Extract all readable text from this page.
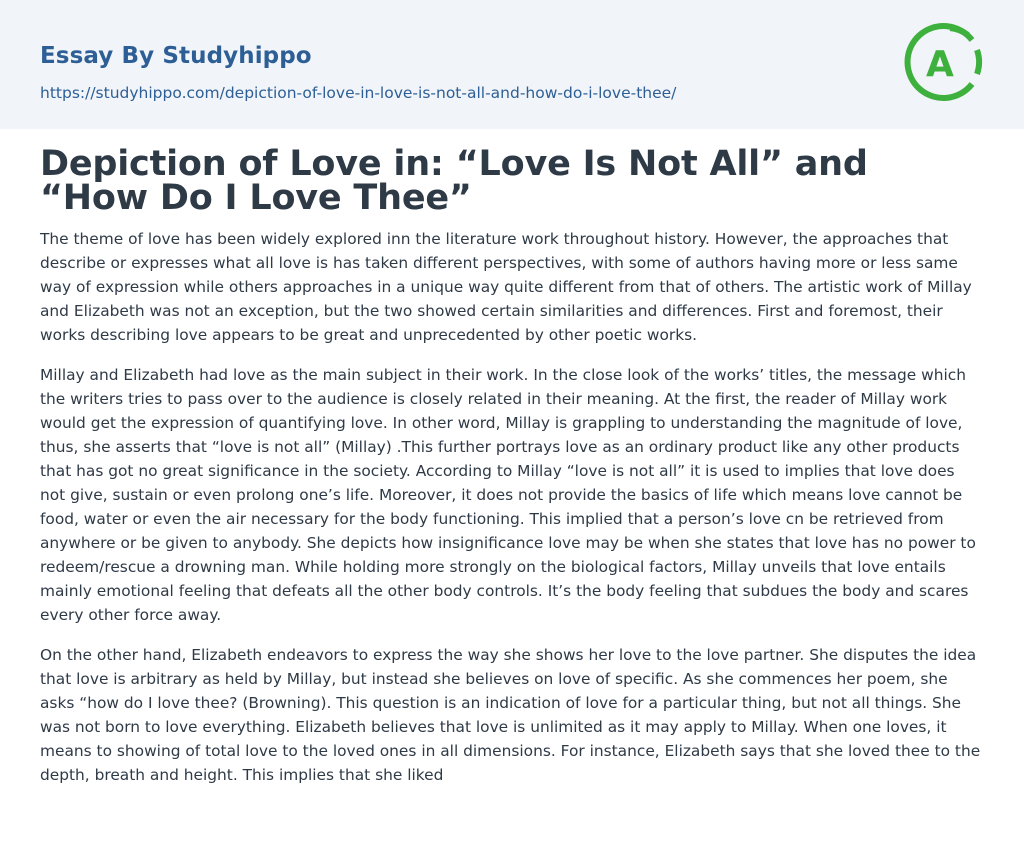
Essay By Studyhippo
https://studyhippo.com/depiction-of-love-in-love-is-not-all-and-how-do-i-love-thee/
A
Depiction of Love in: “Love Is Not All” and “How Do I Love Thee”

The theme of love has been widely explored inn the literature work throughout history. However, the approaches that describe or expresses what all love is has taken different perspectives, with some of authors having more or less same way of expression while others approaches in a unique way quite different from that of others. The artistic work of Millay and Elizabeth was not an exception, but the two showed certain similarities and differences. First and foremost, their works describing love appears to be great and unprecedented by other poetic works.

Millay and Elizabeth had love as the main subject in their work. In the close look of the works’ titles, the message which the writers tries to pass over to the audience is closely related in their meaning. At the first, the reader of Millay work would get the expression of quantifying love. In other word, Millay is grappling to understanding the magnitude of love, thus, she asserts that “love is not all” (Millay) .This further portrays love as an ordinary product like any other products that has got no great significance in the society. According to Millay “love is not all” it is used to implies that love does not give, sustain or even prolong one’s life. Moreover, it does not provide the basics of life which means love cannot be food, water or even the air necessary for the body functioning. This implied that a person’s love cn be retrieved from anywhere or be given to anybody. She depicts how insignificance love may be when she states that love has no power to redeem/rescue a drowning man. While holding more strongly on the biological factors, Millay unveils that love entails mainly emotional feeling that defeats all the other body controls. It’s the body feeling that subdues the body and scares every other force away.

On the other hand, Elizabeth endeavors to express the way she shows her love to the love partner. She disputes the idea that love is arbitrary as held by Millay, but instead she believes on love of specific. As she commences her poem, she asks “how do I love thee? (Browning). This question is an indication of love for a particular thing, but not all things. She was not born to love everything. Elizabeth believes that love is unlimited as it may apply to Millay. When one loves, it means to showing of total love to the loved ones in all dimensions. For instance, Elizabeth says that she loved thee to the depth, breath and height. This implies that she liked
